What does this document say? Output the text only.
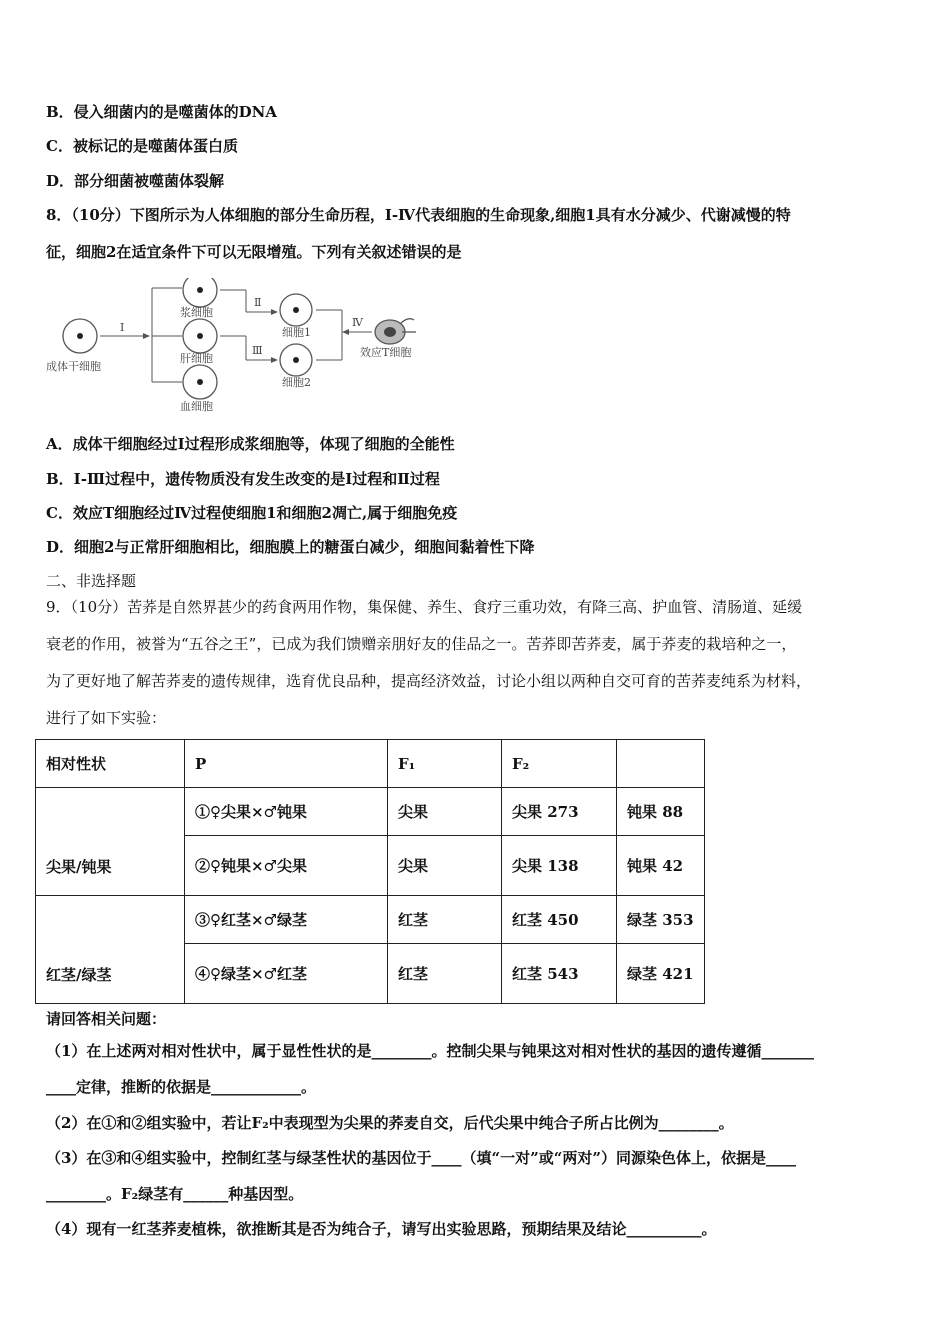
B．侵入细菌内的是噬菌体的DNA
C．被标记的是噬菌体蛋白质
D．部分细菌被噬菌体裂解
8．（10分）下图所示为人体细胞的部分生命历程，Ⅰ-Ⅳ代表细胞的生命现象,细胞1具有水分减少、代谢减慢的特
征，细胞2在适宜条件下可以无限增殖。下列有关叙述错误的是
成体干细胞
Ⅰ
浆细胞
肝细胞
血细胞
Ⅱ
Ⅲ
细胞1
细胞2
Ⅳ
效应T细胞
A．成体干细胞经过Ⅰ过程形成浆细胞等，体现了细胞的全能性
B．Ⅰ-Ⅲ过程中，遗传物质没有发生改变的是Ⅰ过程和Ⅱ过程
C．效应T细胞经过Ⅳ过程使细胞1和细胞2凋亡,属于细胞免疫
D．细胞2与正常肝细胞相比，细胞膜上的糖蛋白减少，细胞间黏着性下降
二、非选择题
9．（10分）苦荞是自然界甚少的药食两用作物，集保健、养生、食疗三重功效，有降三高、护血管、清肠道、延缓
衰老的作用，被誉为“五谷之王”，已成为我们馈赠亲朋好友的佳品之一。苦荞即苦荞麦，属于荞麦的栽培种之一，
为了更好地了解苦荞麦的遗传规律，选育优良品种，提高经济效益，讨论小组以两种自交可育的苦荞麦纯系为材料，
进行了如下实验：
相对性状	P	F₁	F₂	
尖果/钝果	①♀尖果×♂钝果	尖果	尖果 273	钝果 88
	②♀钝果×♂尖果	尖果	尖果 138	钝果 42
红茎/绿茎	③♀红茎×♂绿茎	红茎	红茎 450	绿茎 353
	④♀绿茎×♂红茎	红茎	红茎 543	绿茎 421
请回答相关问题：
（1）在上述两对相对性状中，属于显性性状的是________。控制尖果与钝果这对相对性状的基因的遗传遵循_______
____定律，推断的依据是____________。
（2）在①和②组实验中，若让F₂中表现型为尖果的荞麦自交，后代尖果中纯合子所占比例为________。
（3）在③和④组实验中，控制红茎与绿茎性状的基因位于____（填“一对”或“两对”）同源染色体上，依据是____
________。F₂绿茎有______种基因型。
（4）现有一红茎荞麦植株，欲推断其是否为纯合子，请写出实验思路，预期结果及结论__________。
